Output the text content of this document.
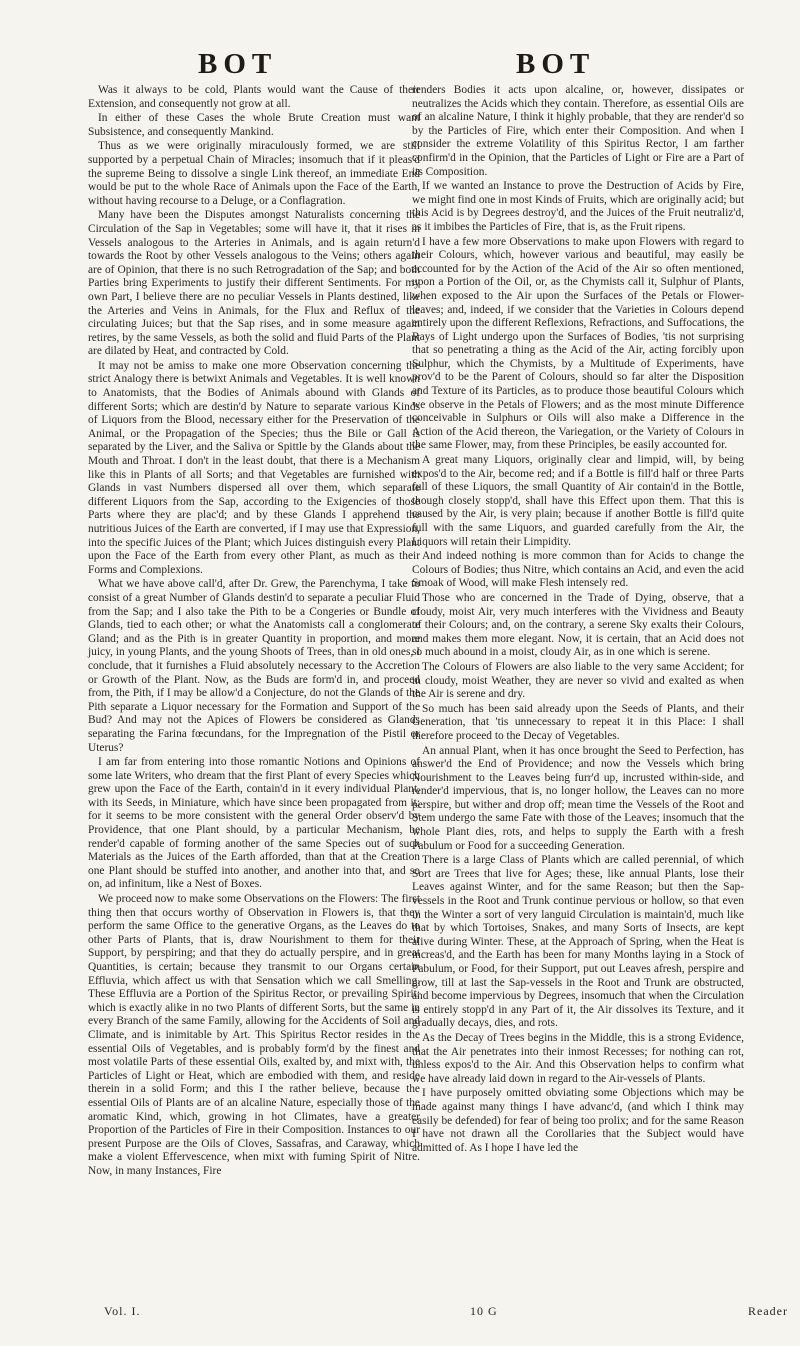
BOT	BOT

Was it always to be cold, Plants would want the Cause of their Extension, and consequently not grow at all.

In either of these Cases the whole Brute Creation must want Subsistence, and consequently Mankind.

Thus as we were originally miraculously formed, we are still supported by a perpetual Chain of Miracles; insomuch that if it pleas'd the supreme Being to dissolve a single Link thereof, an immediate End would be put to the whole Race of Animals upon the Face of the Earth, without having recourse to a Deluge, or a Conflagration.

Many have been the Disputes amongst Naturalists concerning the Circulation of the Sap in Vegetables; some will have it, that it rises in Vessels analogous to the Arteries in Animals, and is again return'd towards the Root by other Vessels analogous to the Veins; others again are of Opinion, that there is no such Retrogradation of the Sap; and both Parties bring Experiments to justify their different Sentiments. For my own Part, I believe there are no peculiar Vessels in Plants destined, like the Arteries and Veins in Animals, for the Flux and Reflux of the circulating Juices; but that the Sap rises, and in some measure again retires, by the same Vessels, as both the solid and fluid Parts of the Plant are dilated by Heat, and contracted by Cold.

It may not be amiss to make one more Observation concerning the strict Analogy there is betwixt Animals and Vegetables. It is well known to Anatomists, that the Bodies of Animals abound with Glands of different Sorts; which are destin'd by Nature to separate various Kinds of Liquors from the Blood, necessary either for the Preservation of the Animal, or the Propagation of the Species; thus the Bile or Gall is separated by the Liver, and the Saliva or Spittle by the Glands about the Mouth and Throat. I don't in the least doubt, that there is a Mechanism like this in Plants of all Sorts; and that Vegetables are furnished with Glands in vast Numbers dispersed all over them, which separate different Liquors from the Sap, according to the Exigencies of those Parts where they are plac'd; and by these Glands I apprehend the nutritious Juices of the Earth are converted, if I may use that Expression, into the specific Juices of the Plant; which Juices distinguish every Plant upon the Face of the Earth from every other Plant, as much as their Forms and Complexions.

What we have above call'd, after Dr. Grew, the Parenchyma, I take to consist of a great Number of Glands destin'd to separate a peculiar Fluid from the Sap; and I also take the Pith to be a Congeries or Bundle of Glands, tied to each other; or what the Anatomists call a conglomerate Gland; and as the Pith is in greater Quantity in proportion, and more juicy, in young Plants, and the young Shoots of Trees, than in old ones, I conclude, that it furnishes a Fluid absolutely necessary to the Accretion or Growth of the Plant. Now, as the Buds are form'd in, and proceed from, the Pith, if I may be allow'd a Conjecture, do not the Glands of the Pith separate a Liquor necessary for the Formation and Support of the Bud? And may not the Apices of Flowers be considered as Glands separating the Farina fœcundans, for the Impregnation of the Pistil or Uterus?

I am far from entering into those romantic Notions and Opinions of some late Writers, who dream that the first Plant of every Species which grew upon the Face of the Earth, contain'd in it every individual Plant, with its Seeds, in Miniature, which have since been propagated from it; for it seems to be more consistent with the general Order observ'd by Providence, that one Plant should, by a particular Mechanism, be render'd capable of forming another of the same Species out of such Materials as the Juices of the Earth afforded, than that at the Creation one Plant should be stuffed into another, and another into that, and so on, ad infinitum, like a Nest of Boxes.

We proceed now to make some Observations on the Flowers: The first thing then that occurs worthy of Observation in Flowers is, that they perform the same Office to the generative Organs, as the Leaves do to other Parts of Plants, that is, draw Nourishment to them for their Support, by perspiring; and that they do actually perspire, and in great Quantities, is certain; because they transmit to our Organs certain Effluvia, which affect us with that Sensation which we call Smelling. These Effluvia are a Portion of the Spiritus Rector, or prevailing Spirit; which is exactly alike in no two Plants of different Sorts, but the same in every Branch of the same Family, allowing for the Accidents of Soil and Climate, and is inimitable by Art. This Spiritus Rector resides in the essential Oils of Vegetables, and is probably form'd by the finest and most volatile Parts of these essential Oils, exalted by, and mixt with, the Particles of Light or Heat, which are embodied with them, and reside therein in a solid Form; and this I the rather believe, because the essential Oils of Plants are of an alcaline Nature, especially those of the aromatic Kind, which, growing in hot Climates, have a greater Proportion of the Particles of Fire in their Composition. Instances to our present Purpose are the Oils of Cloves, Sassafras, and Caraway, which make a violent Effervescence, when mixt with fuming Spirit of Nitre. Now, in many Instances, Fire

renders Bodies it acts upon alcaline, or, however, dissipates or neutralizes the Acids which they contain. Therefore, as essential Oils are of an alcaline Nature, I think it highly probable, that they are render'd so by the Particles of Fire, which enter their Composition. And when I consider the extreme Volatility of this Spiritus Rector, I am farther confirm'd in the Opinion, that the Particles of Light or Fire are a Part of its Composition.

If we wanted an Instance to prove the Destruction of Acids by Fire, we might find one in most Kinds of Fruits, which are originally acid; but this Acid is by Degrees destroy'd, and the Juices of the Fruit neutraliz'd, as it imbibes the Particles of Fire, that is, as the Fruit ripens.

I have a few more Observations to make upon Flowers with regard to their Colours, which, however various and beautiful, may easily be accounted for by the Action of the Acid of the Air so often mentioned, upon a Portion of the Oil, or, as the Chymists call it, Sulphur of Plants, when exposed to the Air upon the Surfaces of the Petals or Flower-leaves; and, indeed, if we consider that the Varieties in Colours depend entirely upon the different Reflexions, Refractions, and Suffocations, the Rays of Light undergo upon the Surfaces of Bodies, 'tis not surprising that so penetrating a thing as the Acid of the Air, acting forcibly upon Sulphur, which the Chymists, by a Multitude of Experiments, have prov'd to be the Parent of Colours, should so far alter the Disposition and Texture of its Particles, as to produce those beautiful Colours which we observe in the Petals of Flowers; and as the most minute Difference conceivable in Sulphurs or Oils will also make a Difference in the Action of the Acid thereon, the Variegation, or the Variety of Colours in the same Flower, may, from these Principles, be easily accounted for.

A great many Liquors, originally clear and limpid, will, by being expos'd to the Air, become red; and if a Bottle is fill'd half or three Parts full of these Liquors, the small Quantity of Air contain'd in the Bottle, though closely stopp'd, shall have this Effect upon them. That this is caused by the Air, is very plain; because if another Bottle is fill'd quite full with the same Liquors, and guarded carefully from the Air, the Liquors will retain their Limpidity.

And indeed nothing is more common than for Acids to change the Colours of Bodies; thus Nitre, which contains an Acid, and even the acid Smoak of Wood, will make Flesh intensely red.

Those who are concerned in the Trade of Dying, observe, that a cloudy, moist Air, very much interferes with the Vividness and Beauty of their Colours; and, on the contrary, a serene Sky exalts their Colours, and makes them more elegant. Now, it is certain, that an Acid does not so much abound in a moist, cloudy Air, as in one which is serene.

The Colours of Flowers are also liable to the very same Accident; for in cloudy, moist Weather, they are never so vivid and exalted as when the Air is serene and dry.

So much has been said already upon the Seeds of Plants, and their Generation, that 'tis unnecessary to repeat it in this Place: I shall therefore proceed to the Decay of Vegetables.

An annual Plant, when it has once brought the Seed to Perfection, has answer'd the End of Providence; and now the Vessels which bring Nourishment to the Leaves being furr'd up, incrusted within-side, and render'd impervious, that is, no longer hollow, the Leaves can no more perspire, but wither and drop off; mean time the Vessels of the Root and Stem undergo the same Fate with those of the Leaves; insomuch that the whole Plant dies, rots, and helps to supply the Earth with a fresh Pabulum or Food for a succeeding Generation.

There is a large Class of Plants which are called perennial, of which Sort are Trees that live for Ages; these, like annual Plants, lose their Leaves against Winter, and for the same Reason; but then the Sap-vessels in the Root and Trunk continue pervious or hollow, so that even in the Winter a sort of very languid Circulation is maintain'd, much like that by which Tortoises, Snakes, and many Sorts of Insects, are kept alive during Winter. These, at the Approach of Spring, when the Heat is increas'd, and the Earth has been for many Months laying in a Stock of Pabulum, or Food, for their Support, put out Leaves afresh, perspire and grow, till at last the Sap-vessels in the Root and Trunk are obstructed, and become impervious by Degrees, insomuch that when the Circulation is entirely stopp'd in any Part of it, the Air dissolves its Texture, and it gradually decays, dies, and rots.

As the Decay of Trees begins in the Middle, this is a strong Evidence, that the Air penetrates into their inmost Recesses; for nothing can rot, unless expos'd to the Air. And this Observation helps to confirm what we have already laid down in regard to the Air-vessels of Plants.

I have purposely omitted obviating some Objections which may be made against many things I have advanc'd, (and which I think may easily be defended) for fear of being too prolix; and for the same Reason I have not drawn all the Corollaries that the Subject would have admitted of. As I hope I have led the

Vol. I.	10 G	Reader
